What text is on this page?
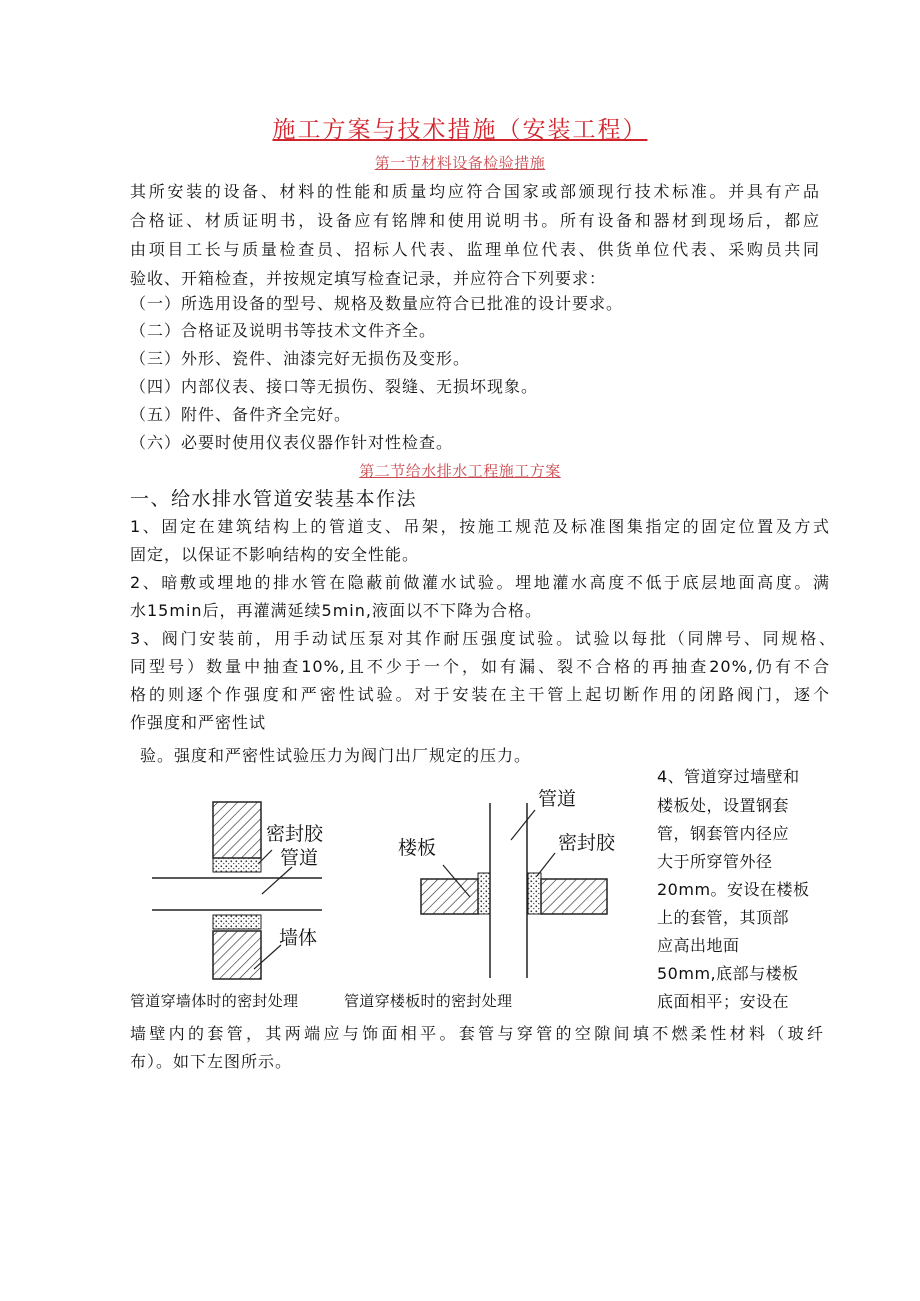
施工方案与技术措施（安装工程）
第一节材料设备检验措施
其所安装的设备、材料的性能和质量均应符合国家或部颁现行技术标准。并具有产品
合格证、材质证明书，设备应有铭牌和使用说明书。所有设备和器材到现场后，都应
由项目工长与质量检查员、招标人代表、监理单位代表、供货单位代表、采购员共同
验收、开箱检查，并按规定填写检查记录，并应符合下列要求：
（一）所选用设备的型号、规格及数量应符合已批准的设计要求。
（二）合格证及说明书等技术文件齐全。
（三）外形、瓷件、油漆完好无损伤及变形。
（四）内部仪表、接口等无损伤、裂缝、无损坏现象。
（五）附件、备件齐全完好。
（六）必要时使用仪表仪器作针对性检查。
第二节给水排水工程施工方案
一、给水排水管道安装基本作法
1、固定在建筑结构上的管道支、吊架，按施工规范及标准图集指定的固定位置及方式
固定，以保证不影响结构的安全性能。
2、暗敷或埋地的排水管在隐蔽前做灌水试验。埋地灌水高度不低于底层地面高度。满
水15min后，再灌满延续5min,液面以不下降为合格。
3、阀门安装前，用手动试压泵对其作耐压强度试验。试验以每批（同牌号、同规格、
同型号）数量中抽查10%,且不少于一个，如有漏、裂不合格的再抽查20%,仍有不合
格的则逐个作强度和严密性试验。对于安装在主干管上起切断作用的闭路阀门，逐个
作强度和严密性试
验。强度和严密性试验压力为阀门出厂规定的压力。
4、管道穿过墙壁和
楼板处，设置钢套
管，钢套管内径应
大于所穿管外径
20mm。安设在楼板
上的套管，其顶部
应高出地面
50mm,底部与楼板
底面相平；安设在
墙壁内的套管，其两端应与饰面相平。套管与穿管的空隙间填不燃柔性材料（玻纤
布）。如下左图所示。
管道穿墙体时的密封处理	管道穿楼板时的密封处理
密封胶
管道
墙体
管道
楼板	密封胶
